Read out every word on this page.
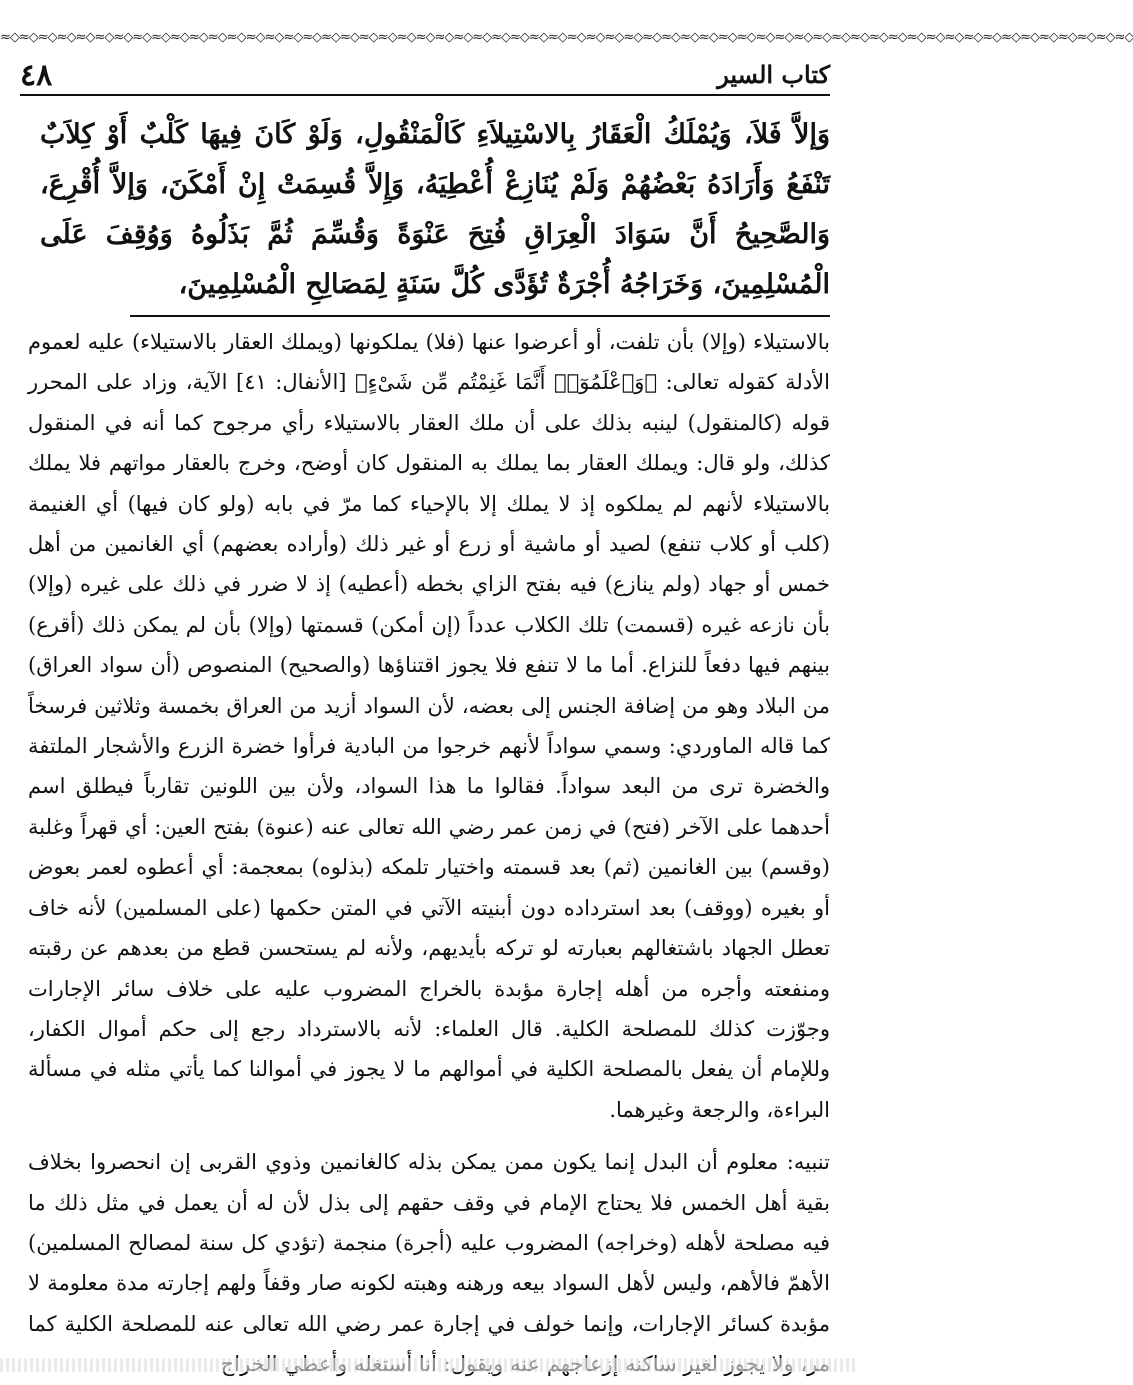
≈◇≈◇≈◇≈◇≈◇≈◇≈◇≈◇≈◇≈◇≈◇≈◇≈◇≈◇≈◇≈◇≈◇≈◇≈◇≈◇≈◇≈◇≈◇≈◇≈◇≈◇≈◇≈◇≈◇≈◇≈◇≈◇≈◇≈◇≈◇≈◇≈◇≈◇≈◇≈◇≈◇≈◇≈◇≈◇≈◇≈◇≈◇≈◇≈◇≈◇≈◇≈◇≈◇≈◇≈◇≈◇≈◇≈◇≈◇≈◇
٤٨	كتاب السير
وَإلاَّ فَلاَ، وَيُمْلَكُ الْعَقَارُ بِالاسْتِيلاَءِ كَالْمَنْقُولِ، وَلَوْ كَانَ فِيهَا كَلْبٌ أَوْ كِلاَبٌ تَنْفَعُ وَأَرَادَهُ بَعْضُهُمْ وَلَمْ يُنَازِعْ أُعْطِيَهُ، وَإِلاَّ قُسِمَتْ إِنْ أَمْكَنَ، وَإلاَّ أُقْرِعَ، وَالصَّحِيحُ أَنَّ سَوَادَ الْعِرَاقِ فُتِحَ عَنْوَةً وَقُسِّمَ ثُمَّ بَذَلُوهُ وَوُقِفَ عَلَى الْمُسْلِمِينَ، وَخَرَاجُهُ أُجْرَةٌ تُؤَدَّى كُلَّ سَنَةٍ لِمَصَالِحِ الْمُسْلِمِينَ،

بالاستيلاء (وإلا) بأن تلفت، أو أعرضوا عنها (فلا) يملكونها (ويملك العقار بالاستيلاء) عليه لعموم الأدلة كقوله تعالى: ﴿وَٱعْلَمُوٓا۟ أَنَّمَا غَنِمْتُم مِّن شَىْءٍ﴾ [الأنفال: ٤١] الآية، وزاد على المحرر قوله (كالمنقول) لينبه بذلك على أن ملك العقار بالاستيلاء رأي مرجوح كما أنه في المنقول كذلك، ولو قال: ويملك العقار بما يملك به المنقول كان أوضح، وخرج بالعقار مواتهم فلا يملك بالاستيلاء لأنهم لم يملكوه إذ لا يملك إلا بالإحياء كما مرّ في بابه (ولو كان فيها) أي الغنيمة (كلب أو كلاب تنفع) لصيد أو ماشية أو زرع أو غير ذلك (وأراده بعضهم) أي الغانمين من أهل خمس أو جهاد (ولم ينازع) فيه بفتح الزاي بخطه (أعطيه) إذ لا ضرر في ذلك على غيره (وإلا) بأن نازعه غيره (قسمت) تلك الكلاب عدداً (إن أمكن) قسمتها (وإلا) بأن لم يمكن ذلك (أقرع) بينهم فيها دفعاً للنزاع. أما ما لا تنفع فلا يجوز اقتناؤها (والصحيح) المنصوص (أن سواد العراق) من البلاد وهو من إضافة الجنس إلى بعضه، لأن السواد أزيد من العراق بخمسة وثلاثين فرسخاً كما قاله الماوردي: وسمي سواداً لأنهم خرجوا من البادية فرأوا خضرة الزرع والأشجار الملتفة والخضرة ترى من البعد سواداً. فقالوا ما هذا السواد، ولأن بين اللونين تقارباً فيطلق اسم أحدهما على الآخر (فتح) في زمن عمر رضي الله تعالى عنه (عنوة) بفتح العين: أي قهراً وغلبة (وقسم) بين الغانمين (ثم) بعد قسمته واختيار تلمكه (بذلوه) بمعجمة: أي أعطوه لعمر بعوض أو بغيره (ووقف) بعد استرداده دون أبنيته الآتي في المتن حكمها (على المسلمين) لأنه خاف تعطل الجهاد باشتغالهم بعبارته لو تركه بأيديهم، ولأنه لم يستحسن قطع من بعدهم عن رقبته ومنفعته وأجره من أهله إجارة مؤبدة بالخراج المضروب عليه على خلاف سائر الإجارات وجوّزت كذلك للمصلحة الكلية. قال العلماء: لأنه بالاسترداد رجع إلى حكم أموال الكفار، وللإمام أن يفعل بالمصلحة الكلية في أموالهم ما لا يجوز في أموالنا كما يأتي مثله في مسألة البراءة، والرجعة وغيرهما.

تنبيه: معلوم أن البدل إنما يكون ممن يمكن بذله كالغانمين وذوي القربى إن انحصروا بخلاف بقية أهل الخمس فلا يحتاج الإمام في وقف حقهم إلى بذل لأن له أن يعمل في مثل ذلك ما فيه مصلحة لأهله (وخراجه) المضروب عليه (أجرة) منجمة (تؤدي كل سنة لمصالح المسلمين) الأهمّ فالأهم، وليس لأهل السواد بيعه ورهنه وهبته لكونه صار وقفاً ولهم إجارته مدة معلومة لا مؤبدة كسائر الإجارات، وإنما خولف في إجارة عمر رضي الله تعالى عنه للمصلحة الكلية كما
